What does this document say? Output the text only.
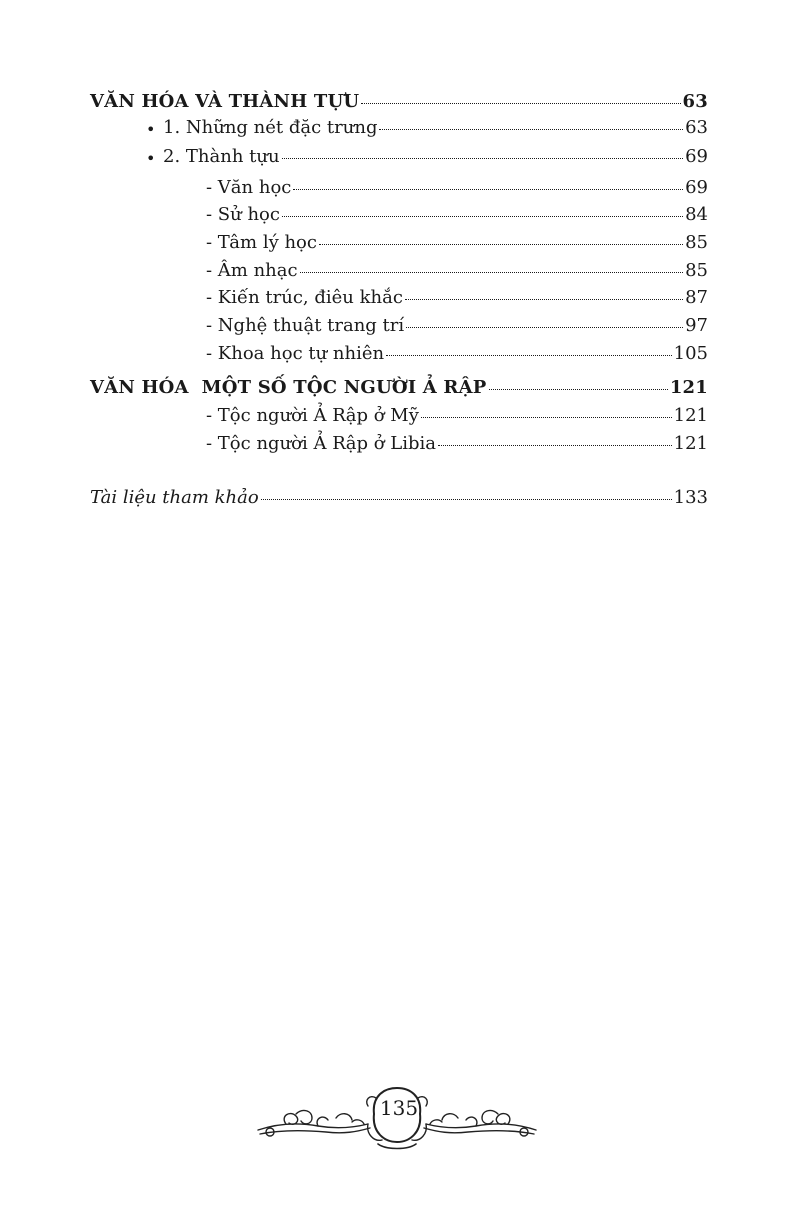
VĂN HÓA VÀ THÀNH TỰU	63
• 1. Những nét đặc trưng	63
• 2. Thành tựu	69
- Văn học	69
- Sử học	84
- Tâm lý học	85
- Âm nhạc	85
- Kiến trúc, điêu khắc	87
- Nghệ thuật trang trí	97
- Khoa học tự nhiên	105
VĂN HÓA  MỘT SỐ TỘC NGƯỜI Ả RẬP	121
- Tộc người Ả Rập ở Mỹ	121
- Tộc người Ả Rập ở Libia	121
Tài liệu tham khảo	133
135
